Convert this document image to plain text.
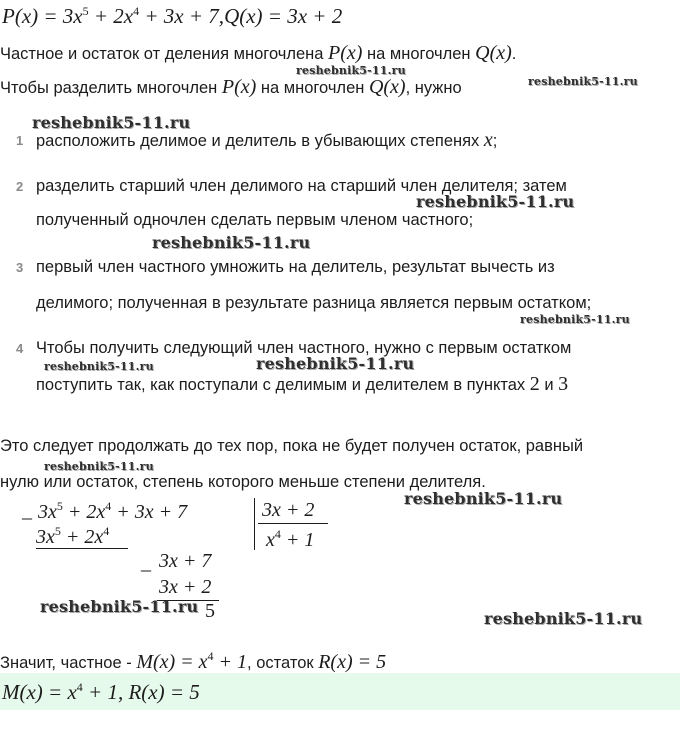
$P(x) = 3x^5 + 2x^4 + 3x + 7,Q(x) = 3x + 2$
Частное и остаток от деления многочлена P(x) на многочлен Q(x).
Чтобы разделить многочлен P(x) на многочлен Q(x), нужно
1 расположить делимое и делитель в убывающих степенях x;
2 разделить старший член делимого на старший член делителя; затем
полученный одночлен сделать первым членом частного;
3 первый член частного умножить на делитель, результат вычесть из
делимого; полученная в результате разница является первым остатком;
4 Чтобы получить следующий член частного, нужно с первым остатком
поступить так, как поступали с делимым и делителем в пунктах 2 и 3
Это следует продолжать до тех пор, пока не будет получен остаток, равный
нулю или остаток, степень которого меньше степени делителя.
_ $3x^5 + 2x^4 + 3x + 7$
$3x^5 + 2x^4$
3x + 2
$x^4 + 1$
_ 3x + 7
3x + 2
5
Значит, частное - $M(x) = x^4 + 1$, остаток R(x) = 5
$M(x) = x^4 + 1$, R(x) = 5
reshebnik5-11.ru
reshebnik5-11.ru
reshebnik5-11.ru
reshebnik5-11.ru
reshebnik5-11.ru
reshebnik5-11.ru
reshebnik5-11.ru
reshebnik5-11.ru
reshebnik5-11.ru
reshebnik5-11.ru
reshebnik5-11.ru
reshebnik5-11.ru
